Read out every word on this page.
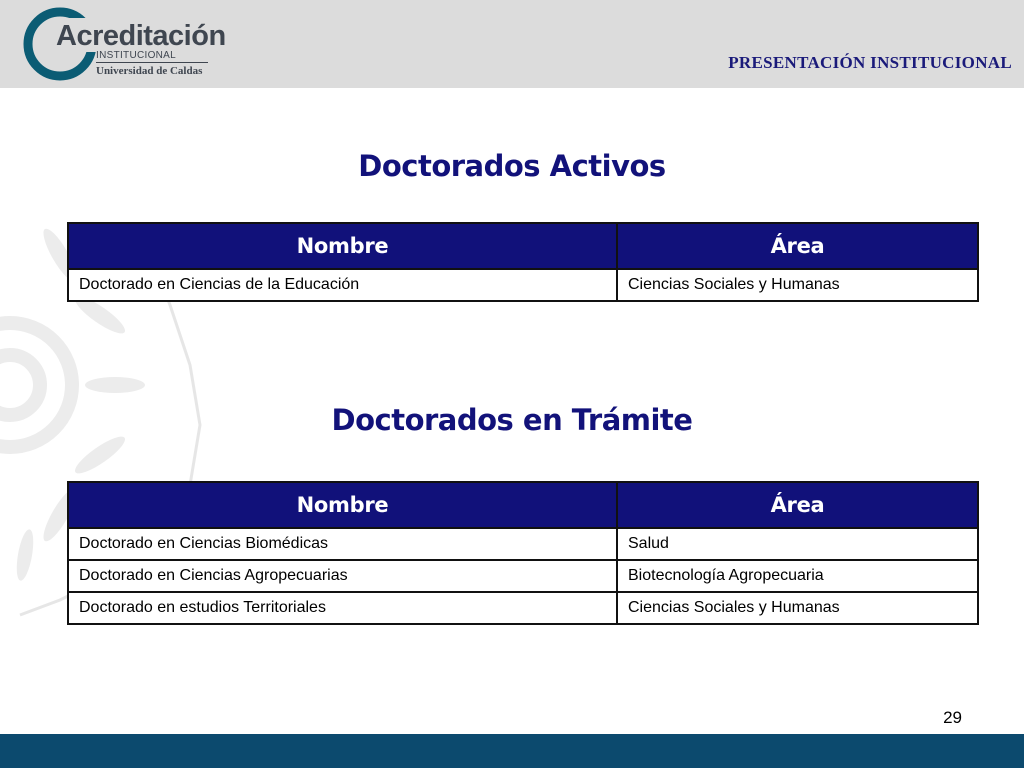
Acreditación
INSTITUCIONAL
Universidad de Caldas	PRESENTACIÓN INSTITUCIONAL
Doctorados Activos
Nombre	Área
Doctorado en Ciencias de la Educación	Ciencias Sociales y Humanas
Doctorados en Trámite
Nombre	Área
Doctorado en Ciencias Biomédicas	Salud
Doctorado en Ciencias Agropecuarias	Biotecnología Agropecuaria
Doctorado en estudios Territoriales	Ciencias Sociales y Humanas
29
